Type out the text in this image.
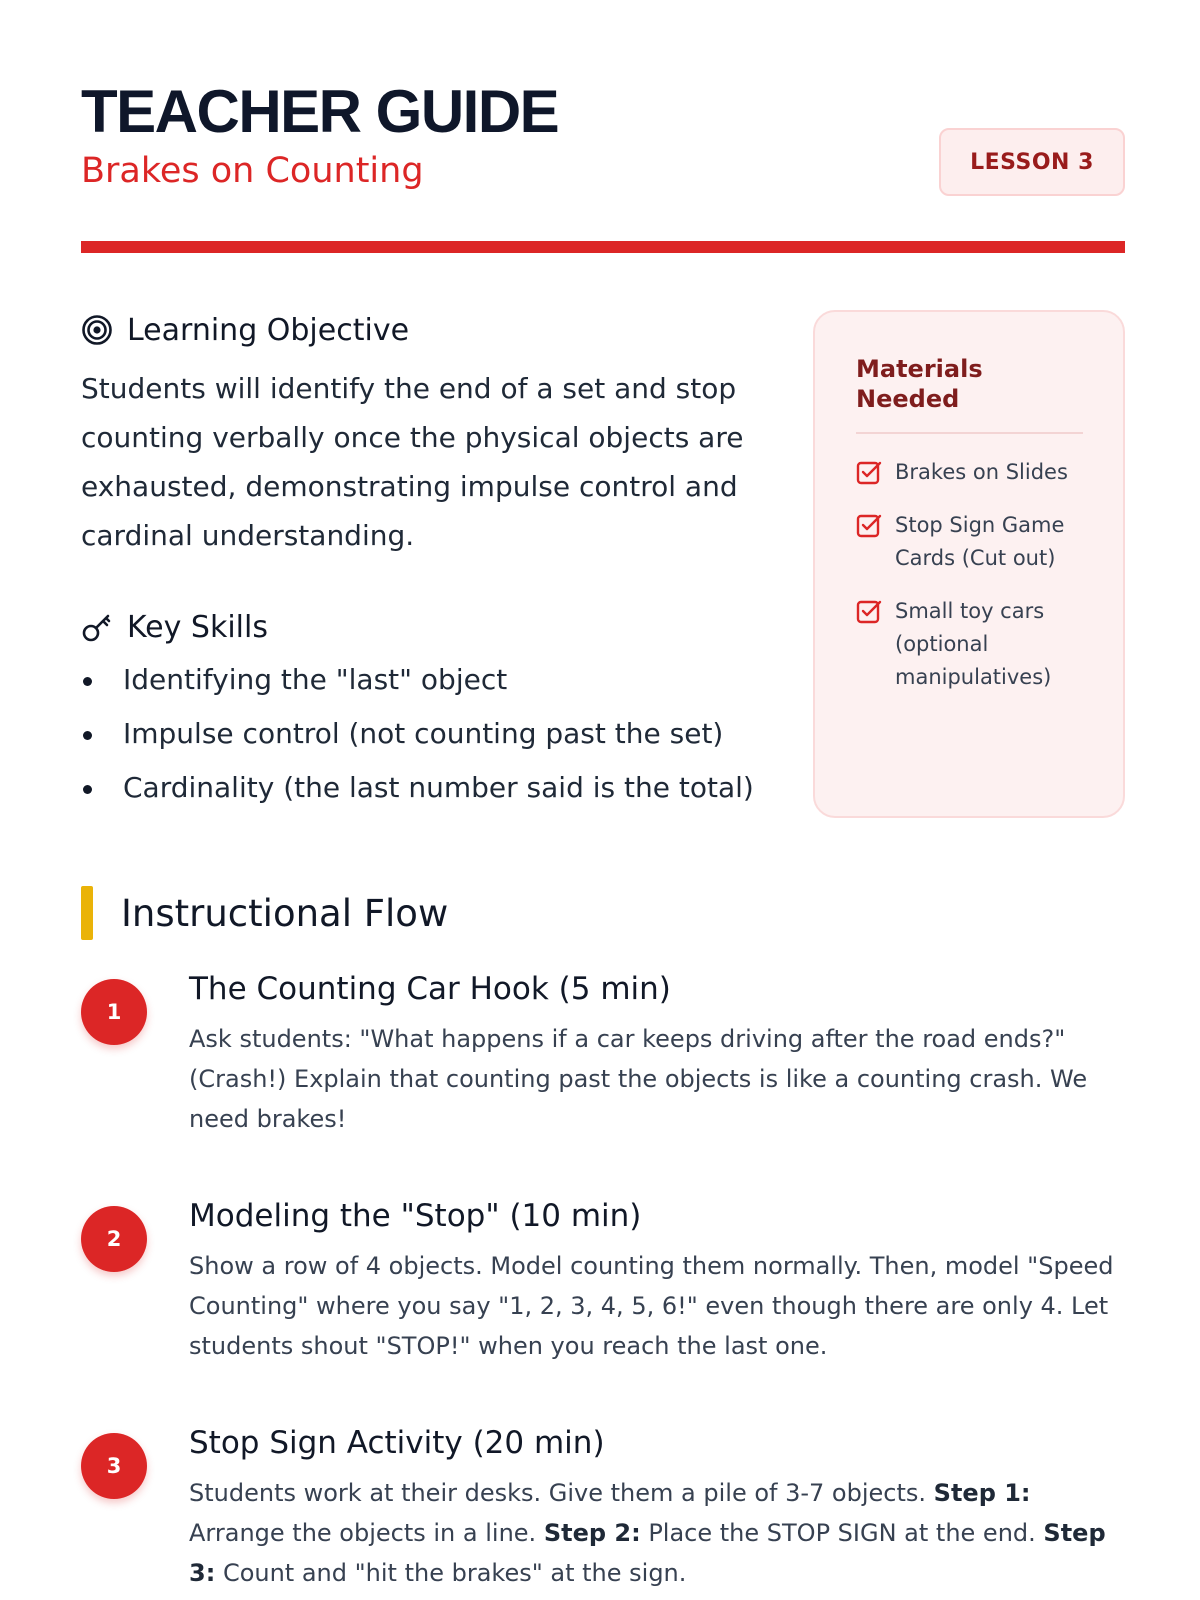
TEACHER GUIDE
Brakes on Counting	LESSON 3
Learning Objective

Students will identify the end of a set and stop counting verbally once the physical objects are exhausted, demonstrating impulse control and cardinal understanding.

Key Skills
Identifying the "last" object
Impulse control (not counting past the set)
Cardinality (the last number said is the total)
Materials Needed
Brakes on Slides
Stop Sign Game Cards (Cut out)
Small toy cars (optional manipulatives)
Instructional Flow
1
The Counting Car Hook (5 min)

Ask students: "What happens if a car keeps driving after the road ends?" (Crash!) Explain that counting past the objects is like a counting crash. We need brakes!

2
Modeling the "Stop" (10 min)

Show a row of 4 objects. Model counting them normally. Then, model "Speed Counting" where you say "1, 2, 3, 4, 5, 6!" even though there are only 4. Let students shout "STOP!" when you reach the last one.

3
Stop Sign Activity (20 min)

Students work at their desks. Give them a pile of 3-7 objects. Step 1: Arrange the objects in a line. Step 2: Place the STOP SIGN at the end. Step 3: Count and "hit the brakes" at the sign.
